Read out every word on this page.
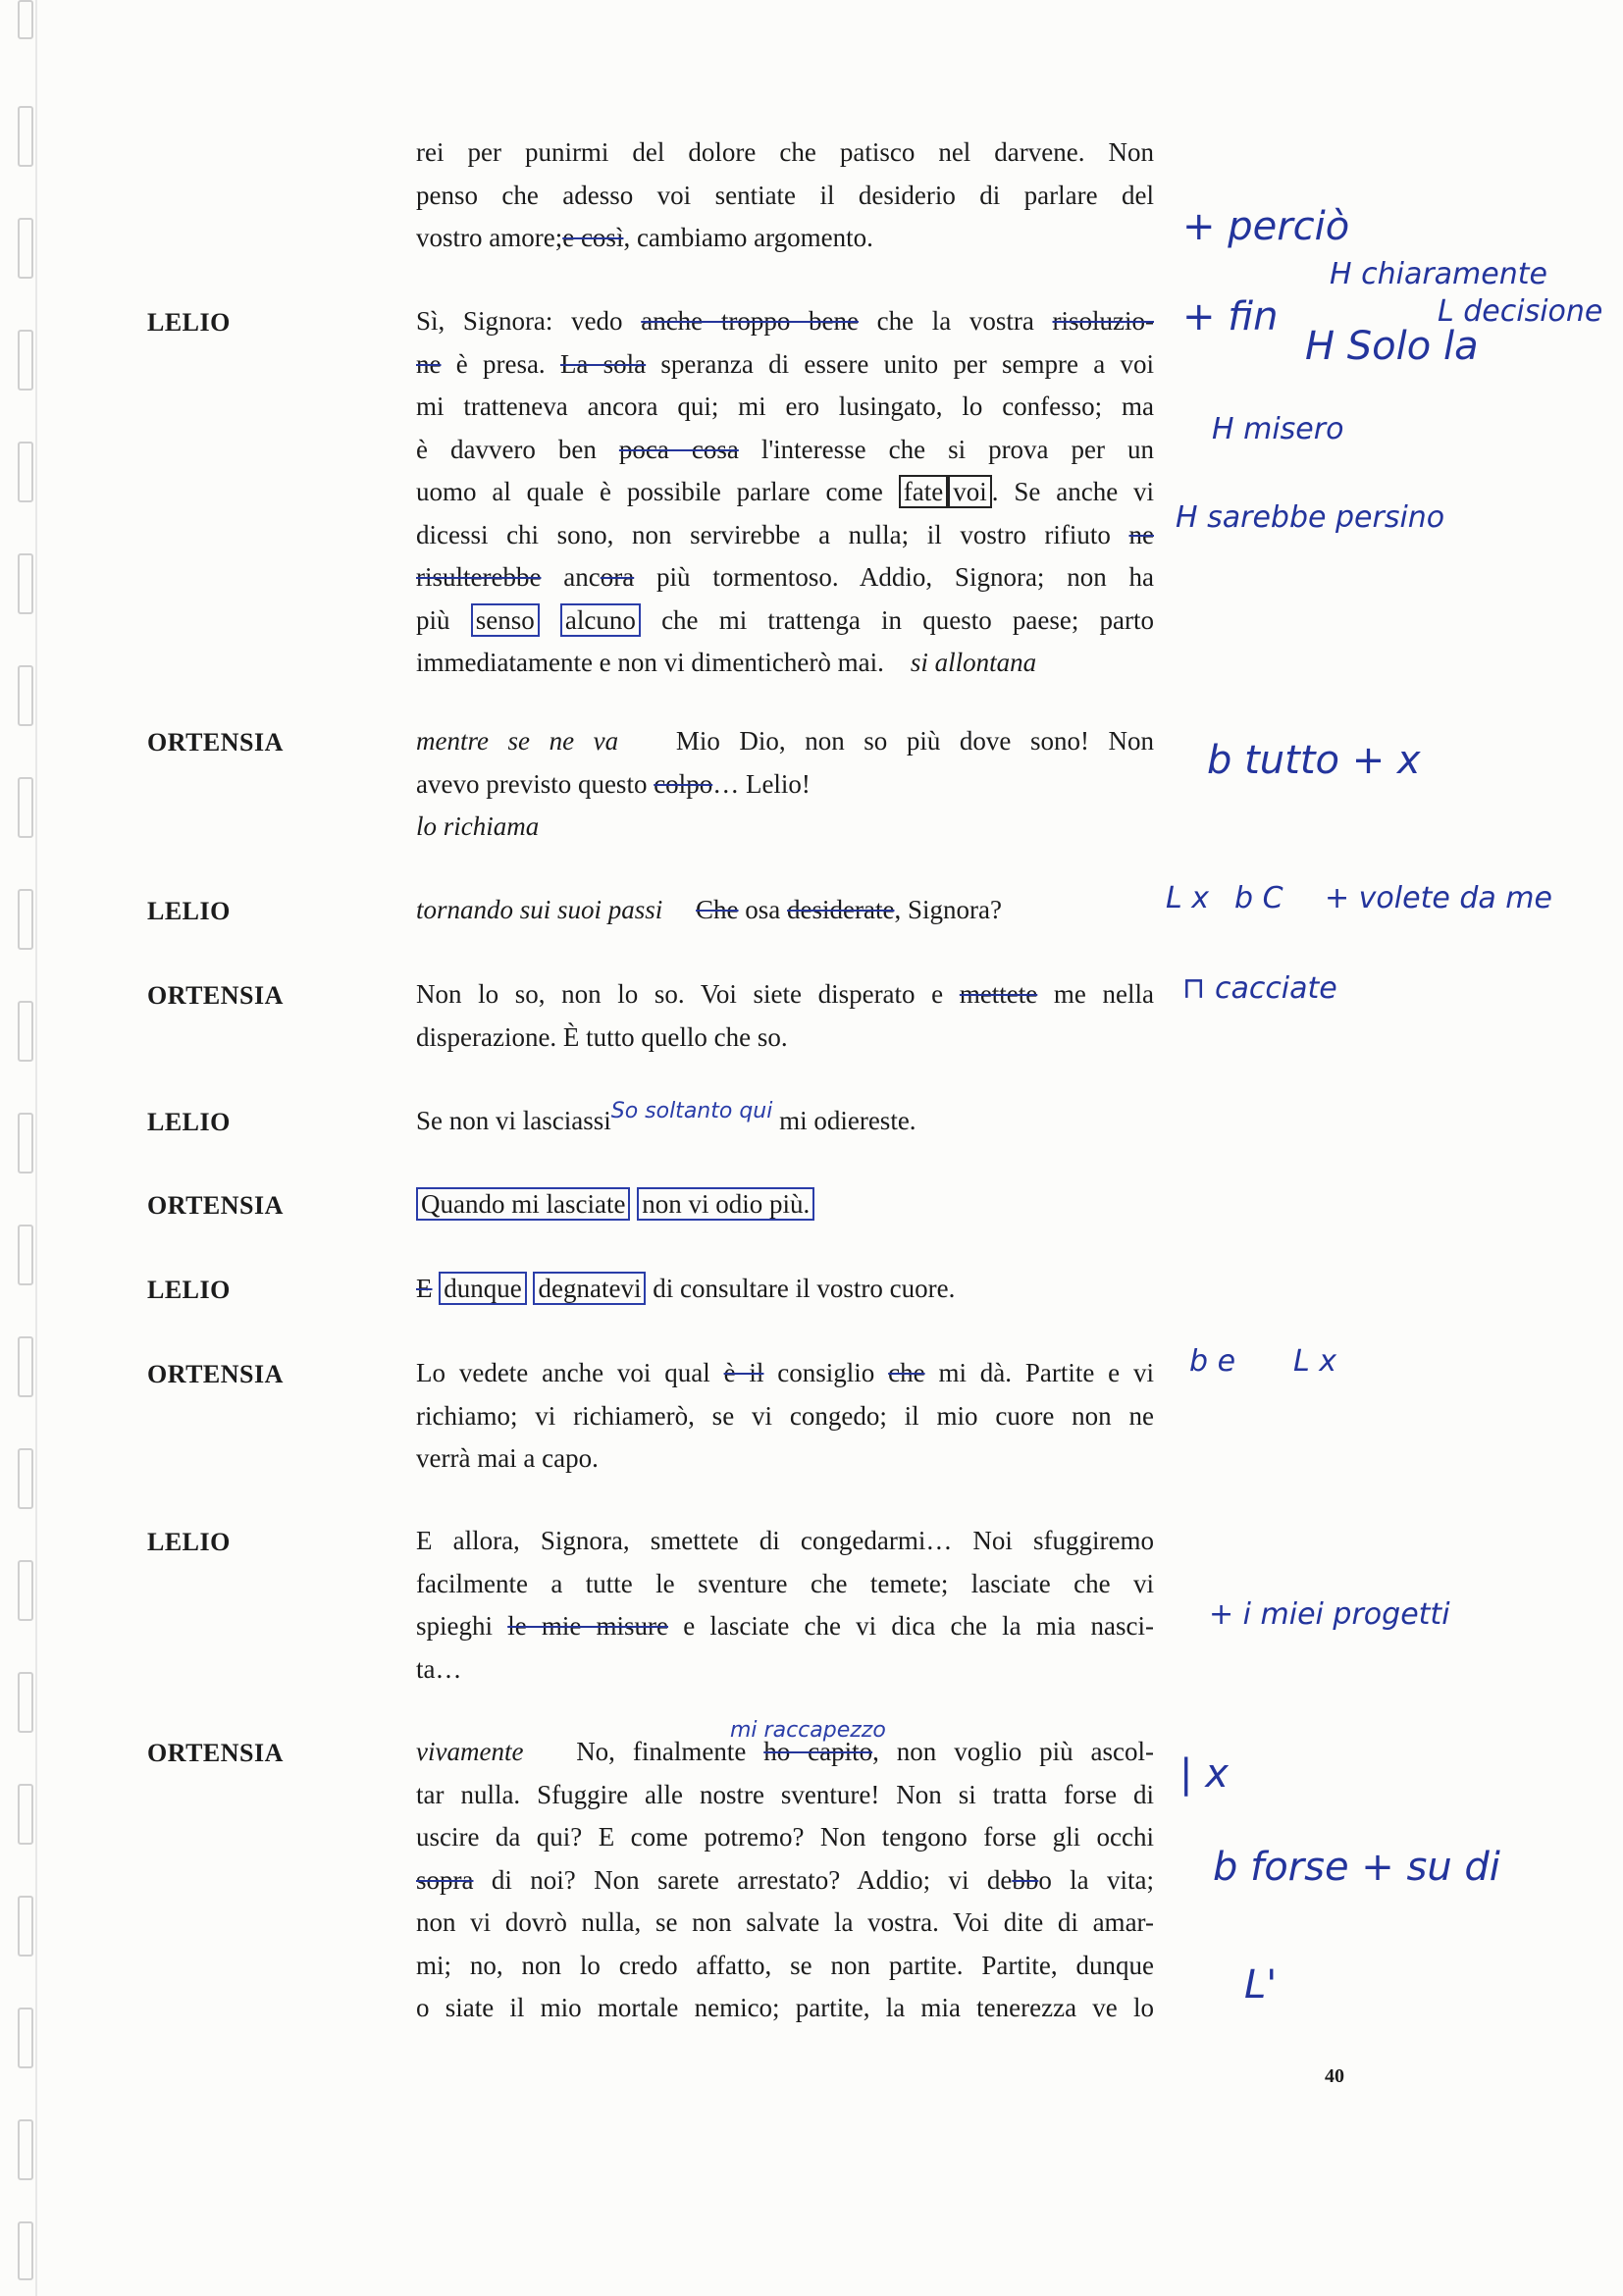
rei per punirmi del dolore che patisco nel darvene. Non
penso che adesso voi sentiate il desiderio di parlare del
vostro amore;e così, cambiamo argomento.
LELIO	Sì, Signora: vedo anche troppo bene che la vostra risoluzio-
ne è presa. La sola speranza di essere unito per sempre a voi
mi tratteneva ancora qui; mi ero lusingato, lo confesso; ma
è davvero ben poca cosa l'interesse che si prova per un
uomo al quale è possibile parlare come fate voi . Se anche vi
dicessi chi sono, non servirebbe a nulla; il vostro rifiuto ne
risulterebbe ancora più tormentoso. Addio, Signora; non ha
più senso alcuno che mi trattenga in questo paese; parto
immediatamente e non vi dimenticherò mai. si allontana
ORTENSIA	mentre se ne va Mio Dio, non so più dove sono! Non
avevo previsto questo colpo… Lelio!
lo richiama
LELIO	tornando sui suoi passi Che osa desiderate, Signora?
ORTENSIA	Non lo so, non lo so. Voi siete disperato e mettete me nella
disperazione. È tutto quello che so.
LELIO	Se non vi lasciassi$^{So soltanto qui}$ mi odiereste.
ORTENSIA	Quando mi lasciate non vi odio più.
LELIO	E dunque degnatevi di consultare il vostro cuore.
ORTENSIA	Lo vedete anche voi qual è il consiglio che mi dà. Partite e vi
richiamo; vi richiamerò, se vi congedo; il mio cuore non ne
verrà mai a capo.
LELIO	E allora, Signora, smettete di congedarmi… Noi sfuggiremo
facilmente a tutte le sventure che temete; lasciate che vi
spieghi le mie misure e lasciate che vi dica che la mia nasci-
ta…
ORTENSIA	vivamente No, finalmente ho capito, non voglio più ascol-
mi raccapezzo
tar nulla. Sfuggire alle nostre sventure! Non si tratta forse di
uscire da qui? E come potremo? Non tengono forse gli occhi
sopra di noi? Non sarete arrestato? Addio; vi debbo la vita;
non vi dovrò nulla, se non salvate la vostra. Voi dite di amar-
mi; no, non lo credo affatto, se non partite. Partite, dunque
o siate il mio mortale nemico; partite, la mia tenerezza ve lo
+ perciò
H chiaramente
+ fin	L decisione
H Solo la
H misero
H sarebbe persino
b tutto + x
L x b C + volete da me
⊓ cacciate
b e L x
+ i miei progetti
| x
b forse + su di
L'
40
